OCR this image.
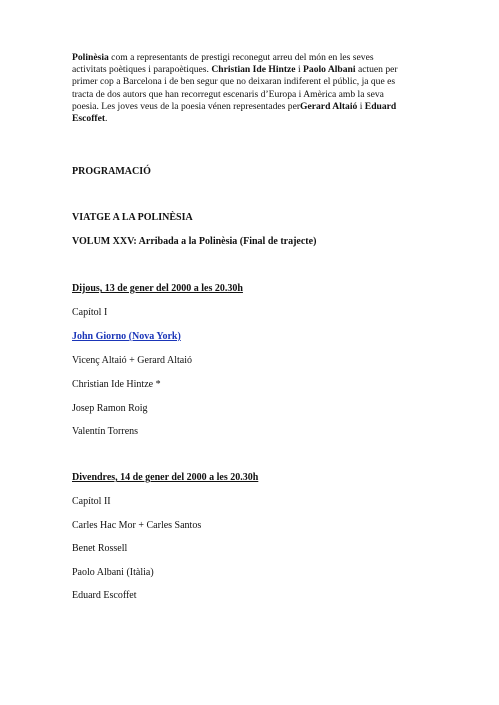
Polinèsia com a representants de prestigi reconegut arreu del món en les seves activitats poètiques i parapoètiques. Christian Ide Hintze i Paolo Albani actuen per primer cop a Barcelona i de ben segur que no deixaran indiferent el públic, ja que es tracta de dos autors que han recorregut escenaris d’Europa i Amèrica amb la seva poesia. Les joves veus de la poesia vénen representades perGerard Altaió i Eduard Escoffet.

PROGRAMACIÓ

VIATGE A LA POLINÈSIA

VOLUM XXV: Arribada a la Polinèsia (Final de trajecte)

Dijous, 13 de gener del 2000 a les 20.30h

Capítol I

John Giorno (Nova York)

Vicenç Altaió + Gerard Altaió

Christian Ide Hintze *

Josep Ramon Roig

Valentín Torrens

Divendres, 14 de gener del 2000 a les 20.30h

Capítol II

Carles Hac Mor + Carles Santos

Benet Rossell

Paolo Albani (Itàlia)

Eduard Escoffet
